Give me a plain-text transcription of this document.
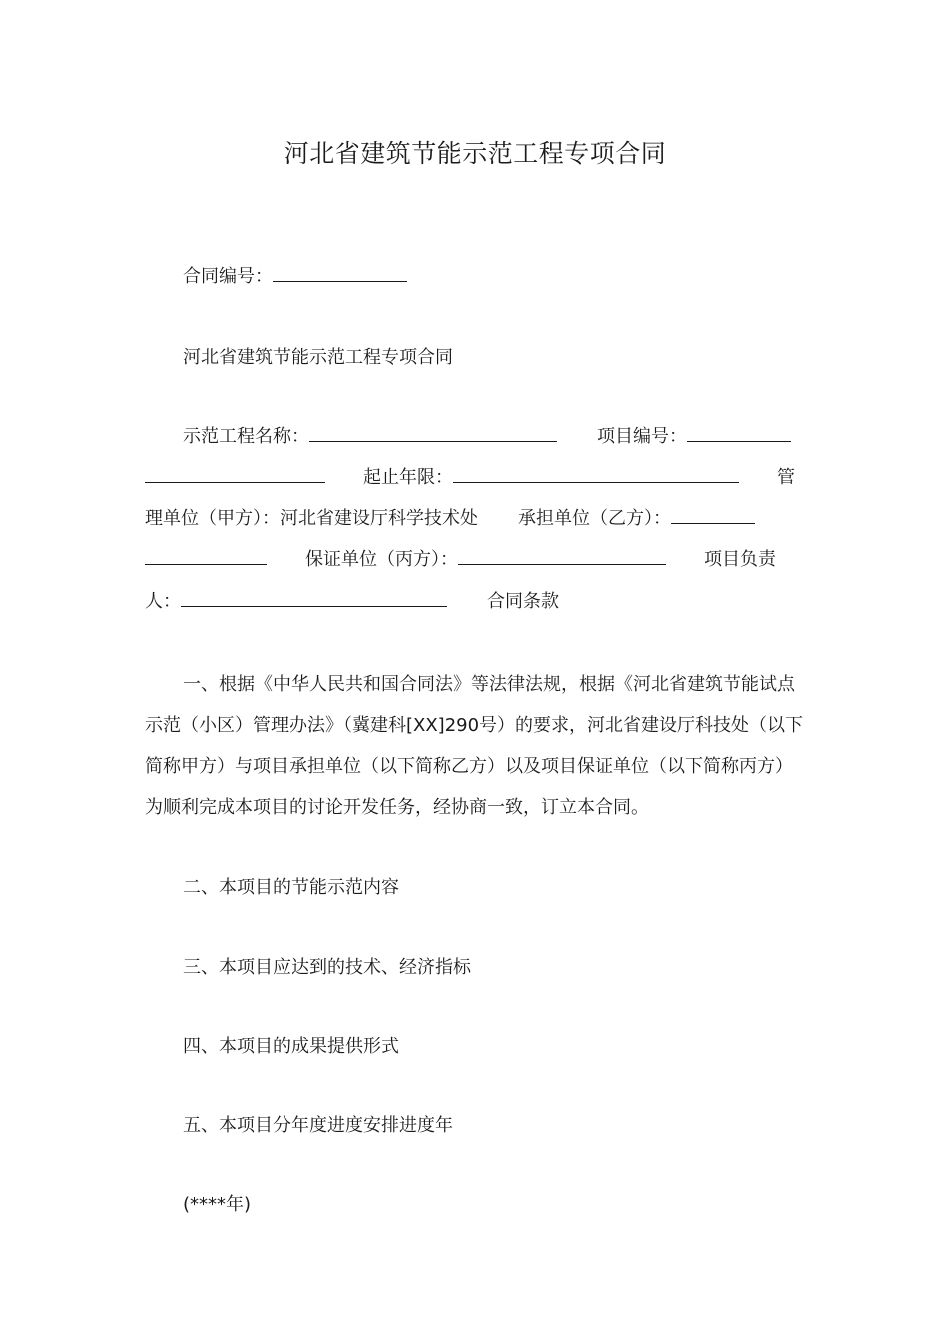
河北省建筑节能示范工程专项合同
合同编号：
河北省建筑节能示范工程专项合同
示范工程名称：	项目编号：
起止年限：	管
理单位（甲方）：河北省建设厅科学技术处 承担单位（乙方）：
保证单位（丙方）：	项目负责
人：	合同条款
一、根据《中华人民共和国合同法》等法律法规，根据《河北省建筑节能试点示范（小区）管理办法》（冀建科[XX]290号）的要求，河北省建设厅科技处（以下简称甲方）与项目承担单位（以下简称乙方）以及项目保证单位（以下简称丙方）为顺利完成本项目的讨论开发任务，经协商一致，订立本合同。
二、本项目的节能示范内容
三、本项目应达到的技术、经济指标
四、本项目的成果提供形式
五、本项目分年度进度安排进度年
(****年)
